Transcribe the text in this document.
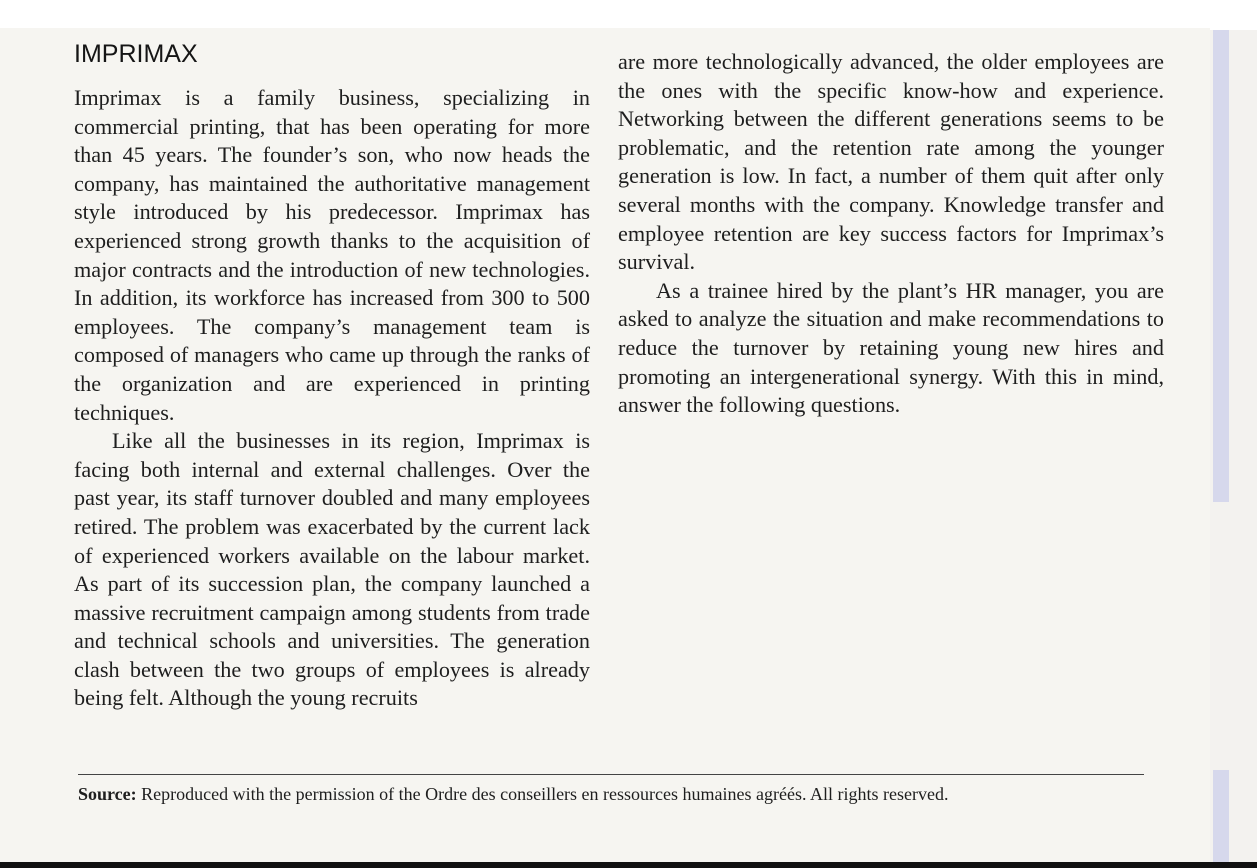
IMPRIMAX

Imprimax is a family business, specializing in commercial printing, that has been operating for more than 45 years. The founder’s son, who now heads the company, has maintained the authoritative management style introduced by his predecessor. Imprimax has experienced strong growth thanks to the acquisition of major contracts and the introduction of new technologies. In addition, its workforce has increased from 300 to 500 employees. The company’s management team is composed of managers who came up through the ranks of the organization and are experienced in printing techniques.

Like all the businesses in its region, Imprimax is facing both internal and external challenges. Over the past year, its staff turnover doubled and many employees retired. The problem was exacerbated by the current lack of experienced workers available on the labour market. As part of its succession plan, the company launched a massive recruitment campaign among students from trade and technical schools and universities. The generation clash between the two groups of employees is already being felt. Although the young recruits

are more technologically advanced, the older employees are the ones with the specific know-how and experience. Networking between the different generations seems to be problematic, and the retention rate among the younger generation is low. In fact, a number of them quit after only several months with the company. Knowledge transfer and employee retention are key success factors for Imprimax’s survival.

As a trainee hired by the plant’s HR manager, you are asked to analyze the situation and make recommendations to reduce the turnover by retaining young new hires and promoting an intergenerational synergy. With this in mind, answer the following questions.

Source: Reproduced with the permission of the Ordre des conseillers en ressources humaines agréés. All rights reserved.
